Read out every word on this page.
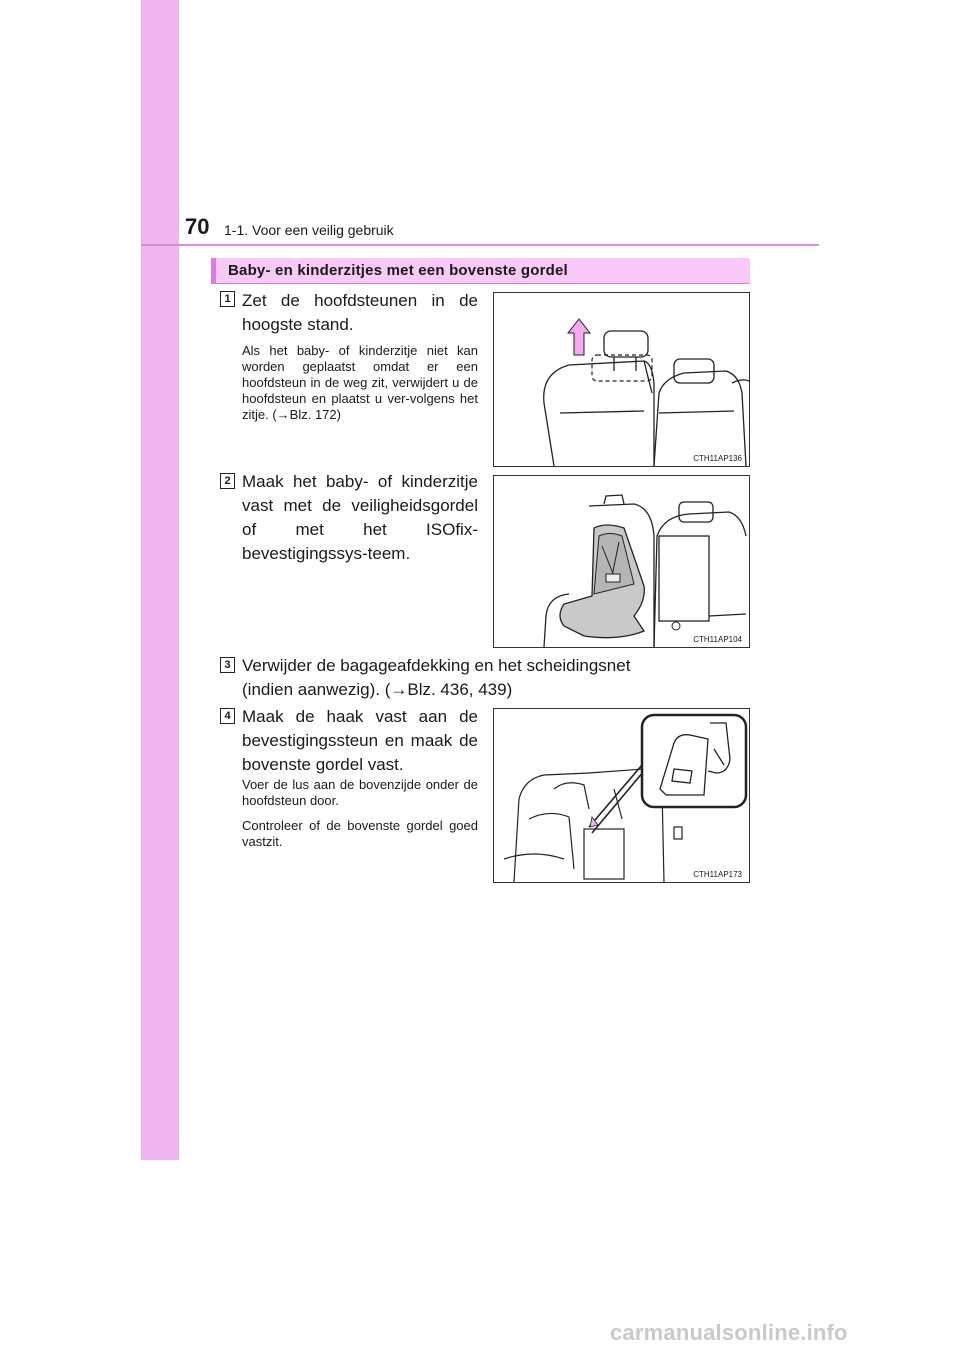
70 1-1. Voor een veilig gebruik
Baby- en kinderzitjes met een bovenste gordel
1 Zet de hoofdsteunen in de
hoogste stand.
Als het baby- of kinderzitje niet kan worden geplaatst omdat er een hoofdsteun in de weg zit, verwijdert u de hoofdsteun en plaatst u ver-volgens het zitje. (→Blz. 172)
CTH11AP136
2 Maak het baby- of kinderzitje vast met de veiligheidsgordel of met het ISOfix-bevestigingssys-teem.
CTH11AP104
3 Verwijder de bagageafdekking en het scheidingsnet
(indien aanwezig). (→Blz. 436, 439)
4 Maak de haak vast aan de bevestigingssteun en maak de bovenste gordel vast.
Voer de lus aan de bovenzijde onder de hoofdsteun door.
Controleer of de bovenste gordel goed vastzit.
CTH11AP173
carmanualsonline.info
